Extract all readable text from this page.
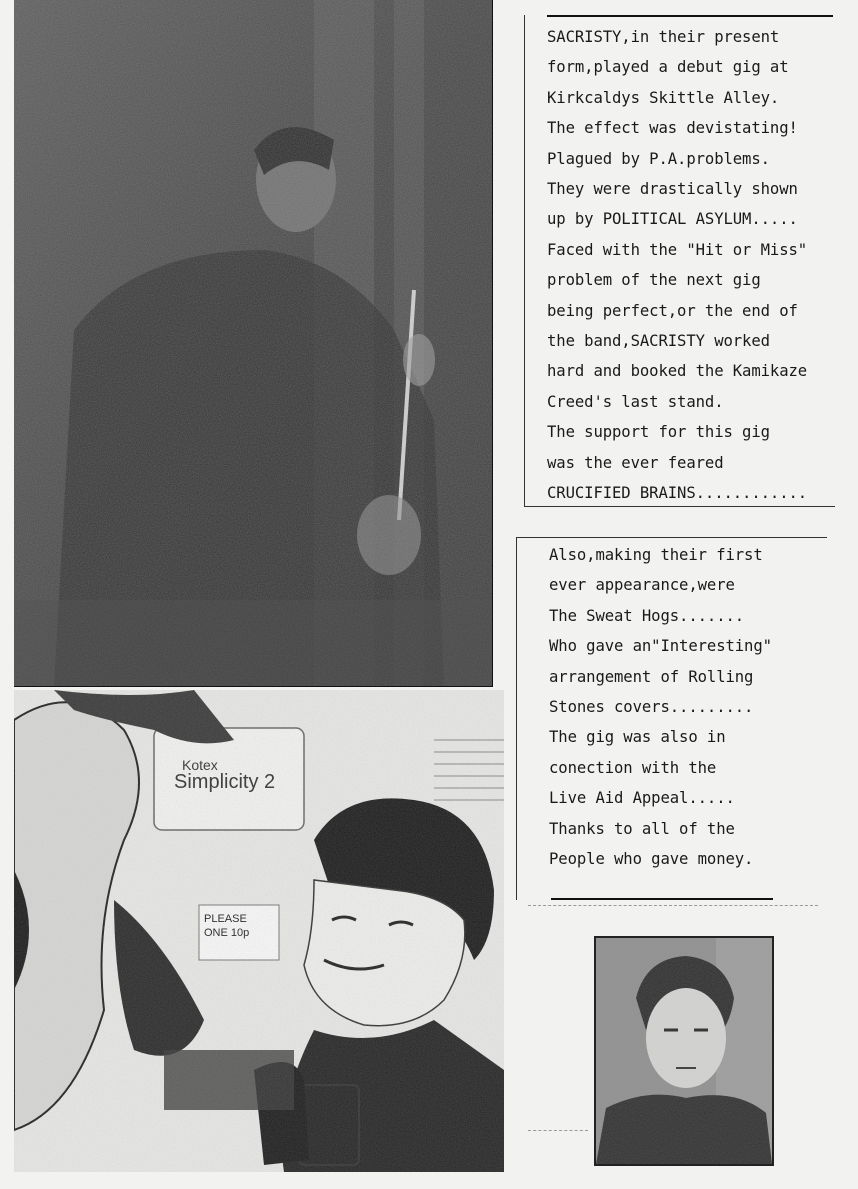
SACRISTY,in their present
form,played a debut gig at
Kirkcaldys Skittle Alley.
The effect was devistating!
Plagued by P.A.problems.
They were drastically shown
up by POLITICAL ASYLUM.....
Faced with the "Hit or Miss"
problem of the next gig
being perfect,or the end of
the band,SACRISTY worked
hard and booked the Kamikaze
Creed's last stand.
The support for this gig
was the ever feared
CRUCIFIED BRAINS............
Also,making their first
ever appearance,were
The Sweat Hogs.......
Who gave an"Interesting"
arrangement of Rolling
Stones covers.........
The gig was also in
conection with the
Live Aid Appeal.....
Thanks to all of the
People who gave money.
